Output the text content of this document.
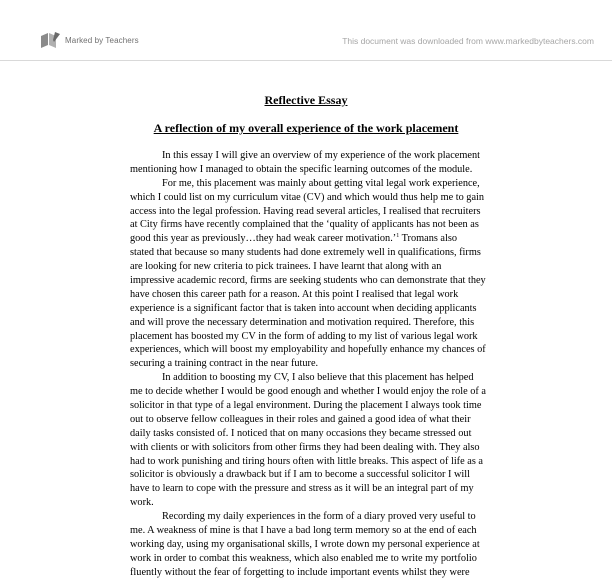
Marked by Teachers	This document was downloaded from www.markedbyteachers.com
Reflective Essay
A reflection of my overall experience of the work placement
In this essay I will give an overview of my experience of the work placement
mentioning how I managed to obtain the specific learning outcomes of the module.
For me, this placement was mainly about getting vital legal work experience,
which I could list on my curriculum vitae (CV) and which would thus help me to gain
access into the legal profession. Having read several articles, I realised that recruiters
at City firms have recently complained that the ‘quality of applicants has not been as
good this year as previously…they had weak career motivation.’$^1$ Tromans also
stated that because so many students had done extremely well in qualifications, firms
are looking for new criteria to pick trainees. I have learnt that along with an
impressive academic record, firms are seeking students who can demonstrate that they
have chosen this career path for a reason. At this point I realised that legal work
experience is a significant factor that is taken into account when deciding applicants
and will prove the necessary determination and motivation required. Therefore, this
placement has boosted my CV in the form of adding to my list of various legal work
experiences, which will boost my employability and hopefully enhance my chances of
securing a training contract in the near future.
In addition to boosting my CV, I also believe that this placement has helped
me to decide whether I would be good enough and whether I would enjoy the role of a
solicitor in that type of a legal environment. During the placement I always took time
out to observe fellow colleagues in their roles and gained a good idea of what their
daily tasks consisted of. I noticed that on many occasions they became stressed out
with clients or with solicitors from other firms they had been dealing with. They also
had to work punishing and tiring hours often with little breaks. This aspect of life as a
solicitor is obviously a drawback but if I am to become a successful solicitor I will
have to learn to cope with the pressure and stress as it will be an integral part of my
work.
Recording my daily experiences in the form of a diary proved very useful to
me. A weakness of mine is that I have a bad long term memory so at the end of each
working day, using my organisational skills, I wrote down my personal experience at
work in order to combat this weakness, which also enabled me to write my portfolio
fluently without the fear of forgetting to include important events whilst they were
